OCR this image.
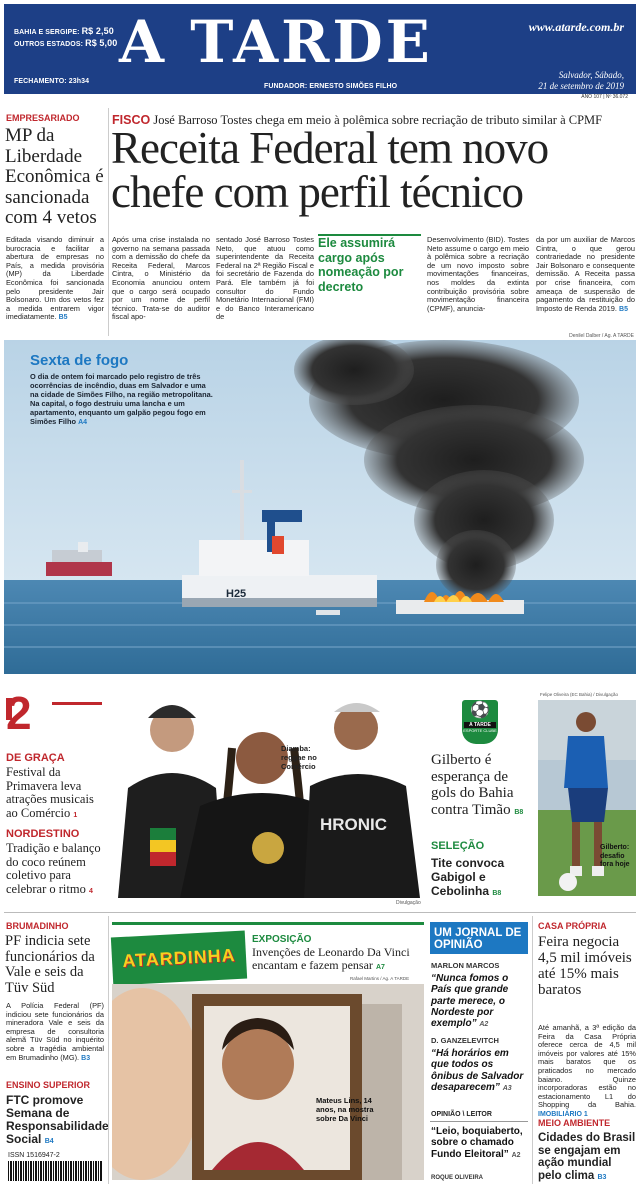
BAHIA E SERGIPE: R$ 2,50
OUTROS ESTADOS: R$ 5,00
FECHAMENTO: 23h34
A TARDE
FUNDADOR: ERNESTO SIMÕES FILHO
www.atarde.com.br
Salvador, Sábado,
21 de setembro de 2019
ANO 107 | Nº 36.072
EMPRESARIADO
MP da Liberdade Econômica é sancionada com 4 vetos
Editada visando diminuir a burocracia e facilitar a abertura de empresas no País, a medida provisória (MP) da Liberdade Econômica foi sancionada pelo presidente Jair Bolsonaro. Um dos vetos fez a medida entrarem vigor imediatamente. B5
FISCO José Barroso Tostes chega em meio à polêmica sobre recriação de tributo similar à CPMF
Receita Federal tem novo chefe com perfil técnico
Após uma crise instalada no governo na semana passada com a demissão do chefe da Receita Federal, Marcos Cintra, o Ministério da Economia anunciou ontem que o cargo será ocupado por um nome de perfil técnico. Trata-se do auditor fiscal apo-
sentado José Barroso Tostes Neto, que atuou como superintendente da Receita Federal na 2ª Região Fiscal e foi secretário de Fazenda do Pará. Ele também já foi consultor do Fundo Monetário Internacional (FMI) e do Banco Interamericano de
Ele assumirá cargo após nomeação por decreto
Desenvolvimento (BID). Tostes Neto assume o cargo em meio à polêmica sobre a recriação de um novo imposto sobre movimentações financeiras, nos moldes da extinta contribuição provisória sobre movimentação financeira (CPMF), anuncia-
da por um auxiliar de Marcos Cintra, o que gerou contrariedade no presidente Jair Bolsonaro e consequente demissão. A Receita passa por crise financeira, com ameaça de suspensão de pagamento da restituição do Imposto de Renda 2019. B5
Denilel Dalber / Ag. A TARDE
H25
Sexta de fogo
O dia de ontem foi marcado pelo registro de três ocorrências de incêndio, duas em Salvador e uma na cidade de Simões Filho, na região metropolitana. Na capital, o fogo destruiu uma lancha e um apartamento, enquanto um galpão pegou fogo em Simões Filho A4
2
DE GRAÇA
Festival da Primavera leva atrações musicais ao Comércio 1
NORDESTINO
Tradição e balanço do coco reúnem coletivo para celebrar o ritmo 4
HRONIC
Diamba: reggae no Comércio
Divulgação
⚽
A TARDE
ESPORTE CLUBE
Gilberto é esperança de gols do Bahia contra Timão B8
SELEÇÃO
Tite convoca Gabigol e Cebolinha B8
Felipe Oliveira (EC Bahia) / Divulgação
Gilberto: desafio fora hoje
BRUMADINHO
PF indicia sete funcionários da Vale e seis da Tüv Süd
A Polícia Federal (PF) indiciou sete funcionários da mineradora Vale e seis da empresa de consultoria alemã Tüv Süd no inquérito sobre a tragédia ambiental em Brumadinho (MG). B3
ENSINO SUPERIOR
FTC promove Semana de Responsabilidade Social B4
ISSN 1516947-2
ATARDINHA
EXPOSIÇÃO
Invenções de Leonardo Da Vinci encantam e fazem pensar A7
Rafael Martins / Ag. A TARDE
Mateus Lins, 14 anos, na mostra sobre Da Vinci
UM JORNAL DE OPINIÃO
MARLON MARCOS
“Nunca fomos o País que grande parte merece, o Nordeste por exemplo” A2
D. GANZELEVITCH
“Há horários em que todos os ônibus de Salvador desaparecem” A3
OPINIÃO \ LEITOR
“Leio, boquiaberto, sobre o chamado Fundo Eleitoral” A2
ROQUE OLIVEIRA
CASA PRÓPRIA
Feira negocia 4,5 mil imóveis até 15% mais baratos
Até amanhã, a 3ª edição da Feira da Casa Própria oferece cerca de 4,5 mil imóveis por valores até 15% mais baratos que os praticados no mercado baiano. Quinze incorporadoras estão no estacionamento L1 do Shopping da Bahia. IMOBILIÁRIO 1
MEIO AMBIENTE
Cidades do Brasil se engajam em ação mundial pelo clima B3
